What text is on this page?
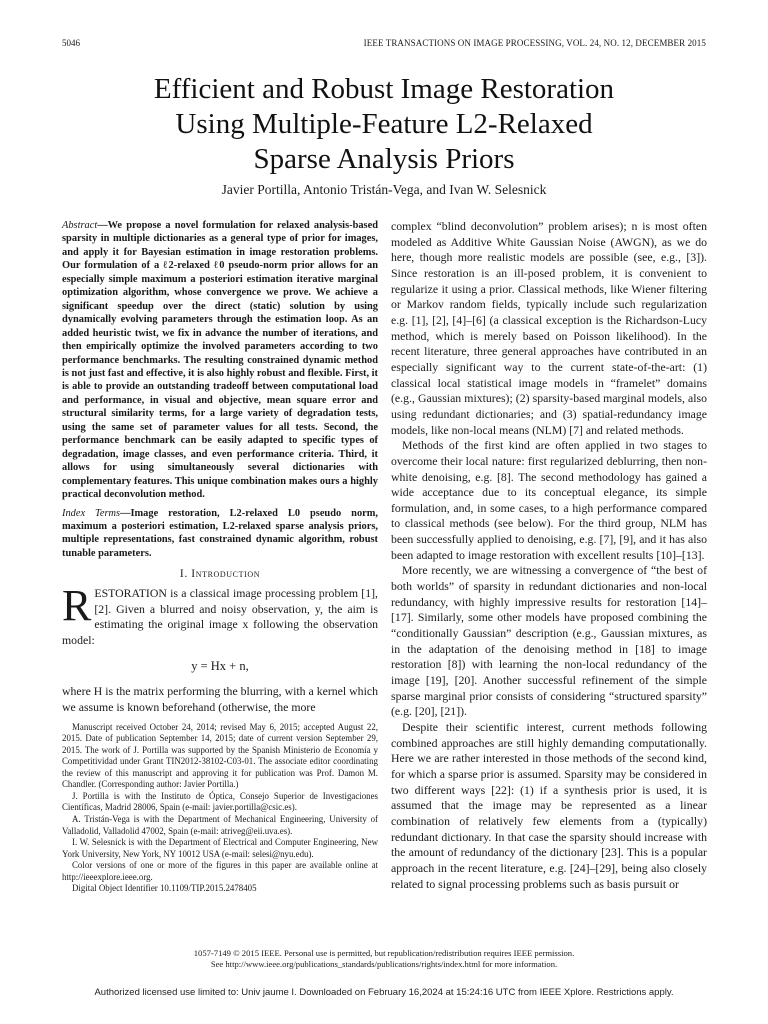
5046	IEEE TRANSACTIONS ON IMAGE PROCESSING, VOL. 24, NO. 12, DECEMBER 2015
Efficient and Robust Image Restoration
Using Multiple-Feature L2-Relaxed
Sparse Analysis Priors
Javier Portilla, Antonio Tristán-Vega, and Ivan W. Selesnick
Abstract—We propose a novel formulation for relaxed analysis-based sparsity in multiple dictionaries as a general type of prior for images, and apply it for Bayesian estimation in image restoration problems. Our formulation of a ℓ2-relaxed ℓ0 pseudo-norm prior allows for an especially simple maximum a posteriori estimation iterative marginal optimization algorithm, whose convergence we prove. We achieve a significant speedup over the direct (static) solution by using dynamically evolving parameters through the estimation loop. As an added heuristic twist, we fix in advance the number of iterations, and then empirically optimize the involved parameters according to two performance benchmarks. The resulting constrained dynamic method is not just fast and effective, it is also highly robust and flexible. First, it is able to provide an outstanding tradeoff between computational load and performance, in visual and objective, mean square error and structural similarity terms, for a large variety of degradation tests, using the same set of parameter values for all tests. Second, the performance benchmark can be easily adapted to specific types of degradation, image classes, and even performance criteria. Third, it allows for using simultaneously several dictionaries with complementary features. This unique combination makes ours a highly practical deconvolution method.
Index Terms—Image restoration, L2-relaxed L0 pseudo norm, maximum a posteriori estimation, L2-relaxed sparse analysis priors, multiple representations, fast constrained dynamic algorithm, robust tunable parameters.
I. Introduction

RESTORATION is a classical image processing problem [1], [2]. Given a blurred and noisy observation, y, the aim is estimating the original image x following the observation model:

y = Hx + n,

where H is the matrix performing the blurring, with a kernel which we assume is known beforehand (otherwise, the more

Manuscript received October 24, 2014; revised May 6, 2015; accepted August 22, 2015. Date of publication September 14, 2015; date of current version September 29, 2015. The work of J. Portilla was supported by the Spanish Ministerio de Economía y Competitividad under Grant TIN2012-38102-C03-01. The associate editor coordinating the review of this manuscript and approving it for publication was Prof. Damon M. Chandler. (Corresponding author: Javier Portilla.)

J. Portilla is with the Instituto de Óptica, Consejo Superior de Investigaciones Científicas, Madrid 28006, Spain (e-mail: javier.portilla@csic.es).

A. Tristán-Vega is with the Department of Mechanical Engineering, University of Valladolid, Valladolid 47002, Spain (e-mail: atriveg@eii.uva.es).

I. W. Selesnick is with the Department of Electrical and Computer Engineering, New York University, New York, NY 10012 USA (e-mail: selesi@nyu.edu).

Color versions of one or more of the figures in this paper are available online at http://ieeexplore.ieee.org.

Digital Object Identifier 10.1109/TIP.2015.2478405

complex “blind deconvolution” problem arises); n is most often modeled as Additive White Gaussian Noise (AWGN), as we do here, though more realistic models are possible (see, e.g., [3]). Since restoration is an ill-posed problem, it is convenient to regularize it using a prior. Classical methods, like Wiener filtering or Markov random fields, typically include such regularization e.g. [1], [2], [4]–[6] (a classical exception is the Richardson-Lucy method, which is merely based on Poisson likelihood). In the recent literature, three general approaches have contributed in an especially significant way to the current state-of-the-art: (1) classical local statistical image models in “framelet” domains (e.g., Gaussian mixtures); (2) sparsity-based marginal models, also using redundant dictionaries; and (3) spatial-redundancy image models, like non-local means (NLM) [7] and related methods.

Methods of the first kind are often applied in two stages to overcome their local nature: first regularized deblurring, then non-white denoising, e.g. [8]. The second methodology has gained a wide acceptance due to its conceptual elegance, its simple formulation, and, in some cases, to a high performance compared to classical methods (see below). For the third group, NLM has been successfully applied to denoising, e.g. [7], [9], and it has also been adapted to image restoration with excellent results [10]–[13].

More recently, we are witnessing a convergence of “the best of both worlds” of sparsity in redundant dictionaries and non-local redundancy, with highly impressive results for restoration [14]–[17]. Similarly, some other models have proposed combining the “conditionally Gaussian” description (e.g., Gaussian mixtures, as in the adaptation of the denoising method in [18] to image restoration [8]) with learning the non-local redundancy of the image [19], [20]. Another successful refinement of the simple sparse marginal prior consists of considering “structured sparsity” (e.g. [20], [21]).

Despite their scientific interest, current methods following combined approaches are still highly demanding computationally. Here we are rather interested in those methods of the second kind, for which a sparse prior is assumed. Sparsity may be considered in two different ways [22]: (1) if a synthesis prior is used, it is assumed that the image may be represented as a linear combination of relatively few elements from a (typically) redundant dictionary. In that case the sparsity should increase with the amount of redundancy of the dictionary [23]. This is a popular approach in the recent literature, e.g. [24]–[29], being also closely related to signal processing problems such as basis pursuit or

1057-7149 © 2015 IEEE. Personal use is permitted, but republication/redistribution requires IEEE permission.
See http://www.ieee.org/publications_standards/publications/rights/index.html for more information.
Authorized licensed use limited to: Univ jaume I. Downloaded on February 16,2024 at 15:24:16 UTC from IEEE Xplore. Restrictions apply.
